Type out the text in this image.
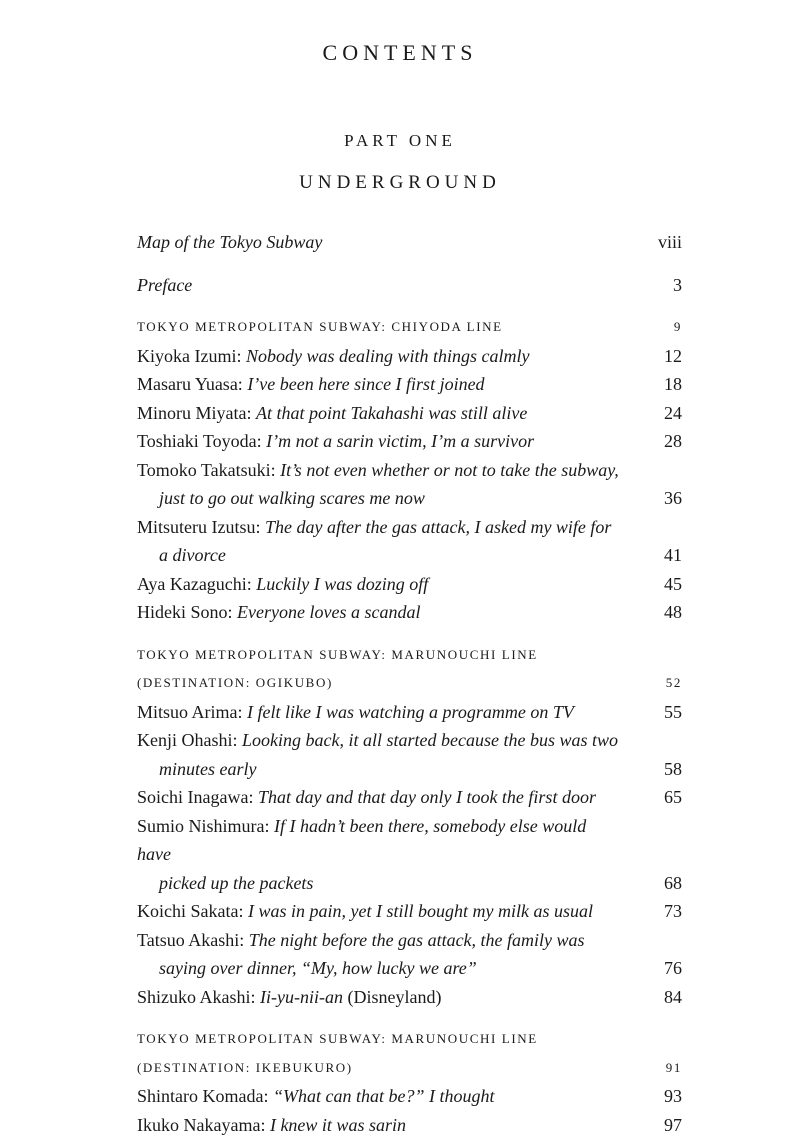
CONTENTS
PART ONE
UNDERGROUND
Map of the Tokyo Subway	viii
Preface	3
TOKYO METROPOLITAN SUBWAY: CHIYODA LINE	9
Kiyoka Izumi: Nobody was dealing with things calmly	12
Masaru Yuasa: I’ve been here since I first joined	18
Minoru Miyata: At that point Takahashi was still alive	24
Toshiaki Toyoda: I’m not a sarin victim, I’m a survivor	28
Tomoko Takatsuki: It’s not even whether or not to take the subway,
just to go out walking scares me now	36
Mitsuteru Izutsu: The day after the gas attack, I asked my wife for
a divorce	41
Aya Kazaguchi: Luckily I was dozing off	45
Hideki Sono: Everyone loves a scandal	48
TOKYO METROPOLITAN SUBWAY: MARUNOUCHI LINE
(DESTINATION: OGIKUBO)	52
Mitsuo Arima: I felt like I was watching a programme on TV	55
Kenji Ohashi: Looking back, it all started because the bus was two
minutes early	58
Soichi Inagawa: That day and that day only I took the first door	65
Sumio Nishimura: If I hadn’t been there, somebody else would have
picked up the packets	68
Koichi Sakata: I was in pain, yet I still bought my milk as usual	73
Tatsuo Akashi: The night before the gas attack, the family was
saying over dinner, “My, how lucky we are”	76
Shizuko Akashi: Ii-yu-nii-an (Disneyland)	84
TOKYO METROPOLITAN SUBWAY: MARUNOUCHI LINE
(DESTINATION: IKEBUKURO)	91
Shintaro Komada: “What can that be?” I thought	93
Ikuko Nakayama: I knew it was sarin	97
